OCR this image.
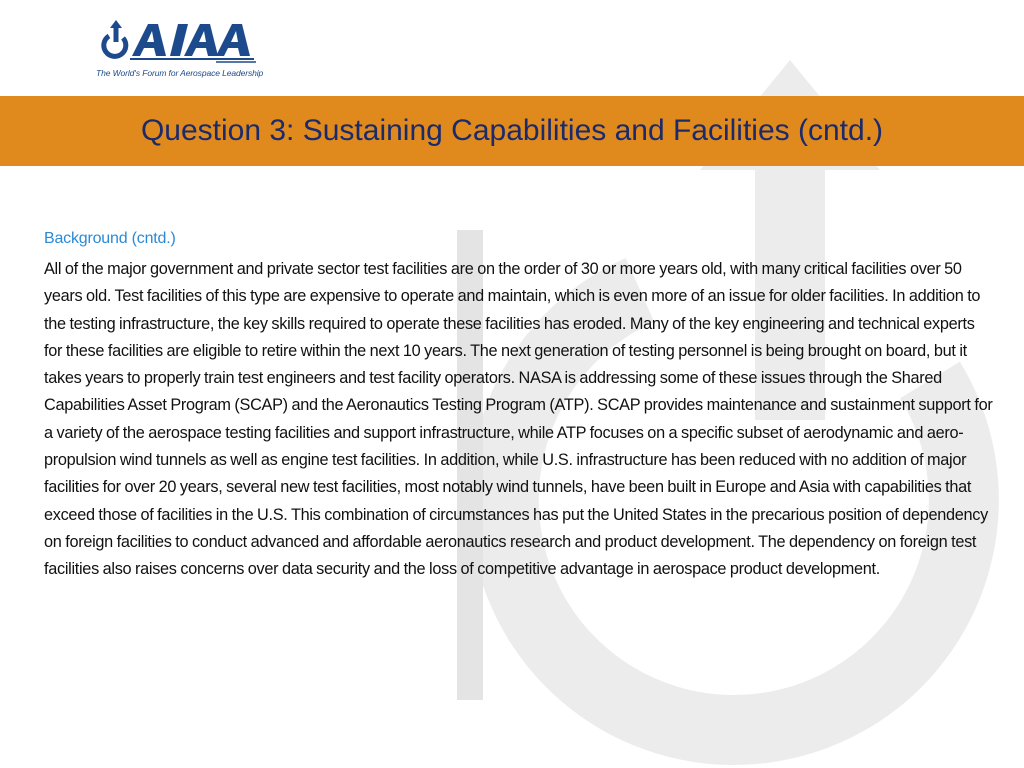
The World's Forum for Aerospace Leadership
Question 3: Sustaining Capabilities and Facilities (cntd.)

Background (cntd.)

All of the major government and private sector test facilities are on the order of 30 or more years old, with many critical facilities over 50 years old. Test facilities of this type are expensive to operate and maintain, which is even more of an issue for older facilities. In addition to the testing infrastructure, the key skills required to operate these facilities has eroded. Many of the key engineering and technical experts for these facilities are eligible to retire within the next 10 years. The next generation of testing personnel is being brought on board, but it takes years to properly train test engineers and test facility operators. NASA is addressing some of these issues through the Shared Capabilities Asset Program (SCAP) and the Aeronautics Testing Program (ATP). SCAP provides maintenance and sustainment support for a variety of the aerospace testing facilities and support infrastructure, while ATP focuses on a specific subset of aerodynamic and aero-propulsion wind tunnels as well as engine test facilities. In addition, while U.S. infrastructure has been reduced with no addition of major facilities for over 20 years, several new test facilities, most notably wind tunnels, have been built in Europe and Asia with capabilities that exceed those of facilities in the U.S. This combination of circumstances has put the United States in the precarious position of dependency on foreign facilities to conduct advanced and affordable aeronautics research and product development. The dependency on foreign test facilities also raises concerns over data security and the loss of competitive advantage in aerospace product development.
